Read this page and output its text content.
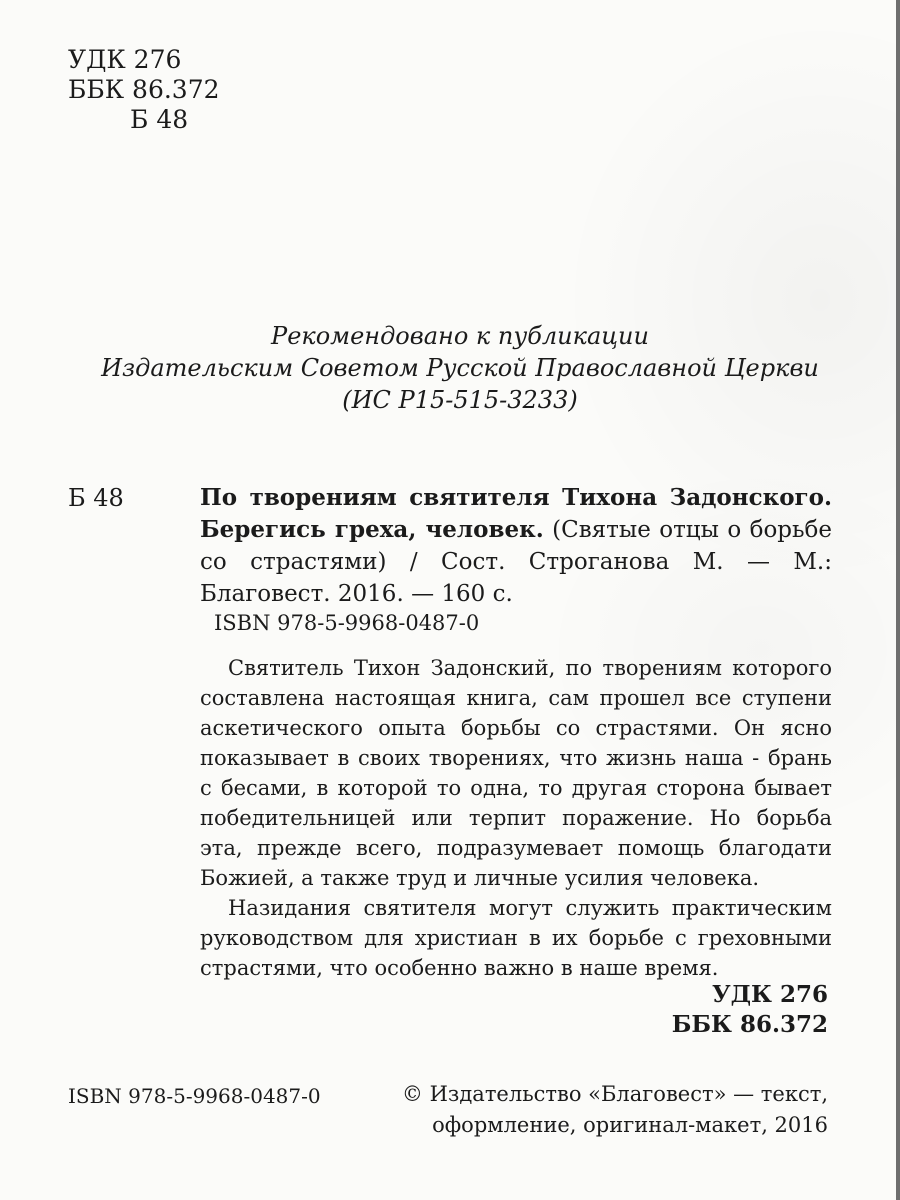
УДК 276
ББК 86.372
Б 48
Рекомендовано к публикации
Издательским Советом Русской Православной Церкви
(ИС Р15-515-3233)
Б 48	По творениям святителя Тихона Задонского. Берегись греха, человек. (Святые отцы о борьбе со страстями) / Сост. Строганова М. — М.: Благовест. 2016. — 160 с.
ISBN 978-5-9968-0487-0

Святитель Тихон Задонский, по творениям которого составлена настоящая книга, сам прошел все ступени аскетического опыта борьбы со страстями. Он ясно показывает в своих творениях, что жизнь наша - брань с бесами, в которой то одна, то другая сторона бывает победительницей или терпит поражение. Но борьба эта, прежде всего, подразумевает помощь благодати Божией, а также труд и личные усилия человека.

Назидания святителя могут служить практическим руководством для христиан в их борьбе с греховными страстями, что особенно важно в наше время.

УДК 276
ББК 86.372
ISBN 978-5-9968-0487-0	© Издательство «Благовест» — текст,
оформление, оригинал-макет, 2016
